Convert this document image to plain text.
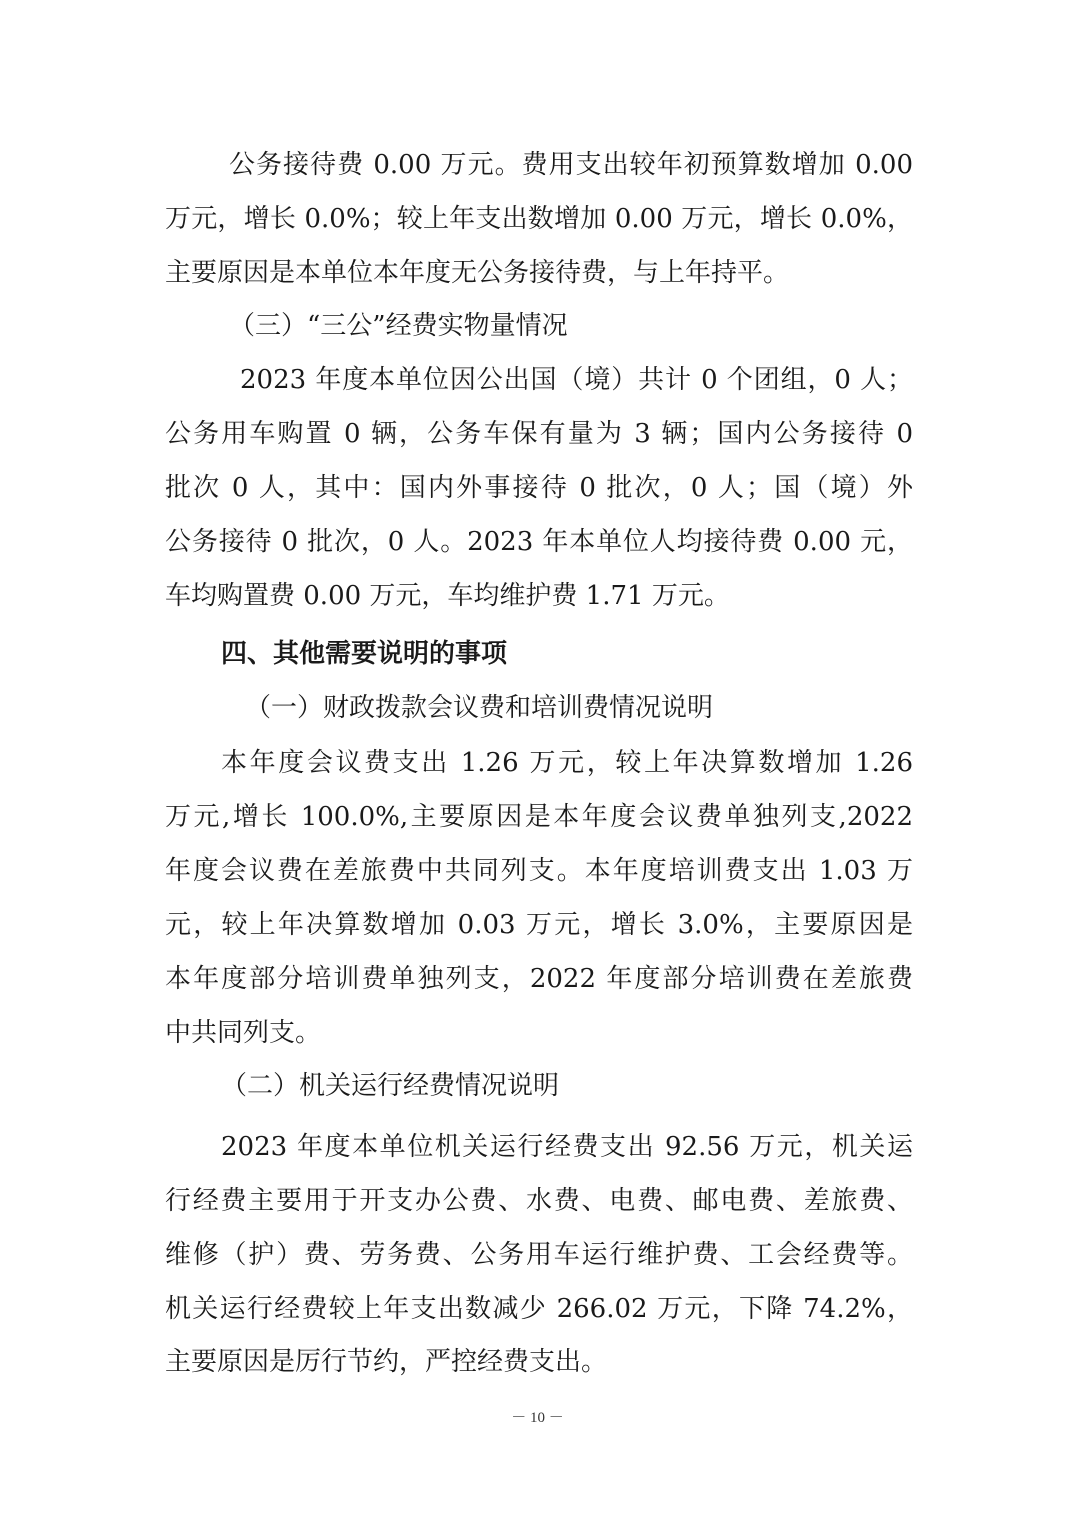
公务接待费 0.00 万元。费用支出较年初预算数增加 0.00
万元，增长 0.0%；较上年支出数增加 0.00 万元，增长 0.0%，
主要原因是本单位本年度无公务接待费，与上年持平。
（三）“三公”经费实物量情况
2023 年度本单位因公出国（境）共计 0 个团组，0 人；
公务用车购置 0 辆，公务车保有量为 3 辆；国内公务接待 0
批次 0 人，其中：国内外事接待 0 批次，0 人；国（境）外
公务接待 0 批次，0 人。2023 年本单位人均接待费 0.00 元，
车均购置费 0.00 万元，车均维护费 1.71 万元。
四、其他需要说明的事项
（一）财政拨款会议费和培训费情况说明
本年度会议费支出 1.26 万元，较上年决算数增加 1.26
万元,增长 100.0%,主要原因是本年度会议费单独列支,2022
年度会议费在差旅费中共同列支。本年度培训费支出 1.03 万
元，较上年决算数增加 0.03 万元，增长 3.0%，主要原因是
本年度部分培训费单独列支，2022 年度部分培训费在差旅费
中共同列支。
（二）机关运行经费情况说明
2023 年度本单位机关运行经费支出 92.56 万元，机关运
行经费主要用于开支办公费、水费、电费、邮电费、差旅费、
维修（护）费、劳务费、公务用车运行维护费、工会经费等。
机关运行经费较上年支出数减少 266.02 万元，下降 74.2%，
主要原因是厉行节约，严控经费支出。
－ 10 －
